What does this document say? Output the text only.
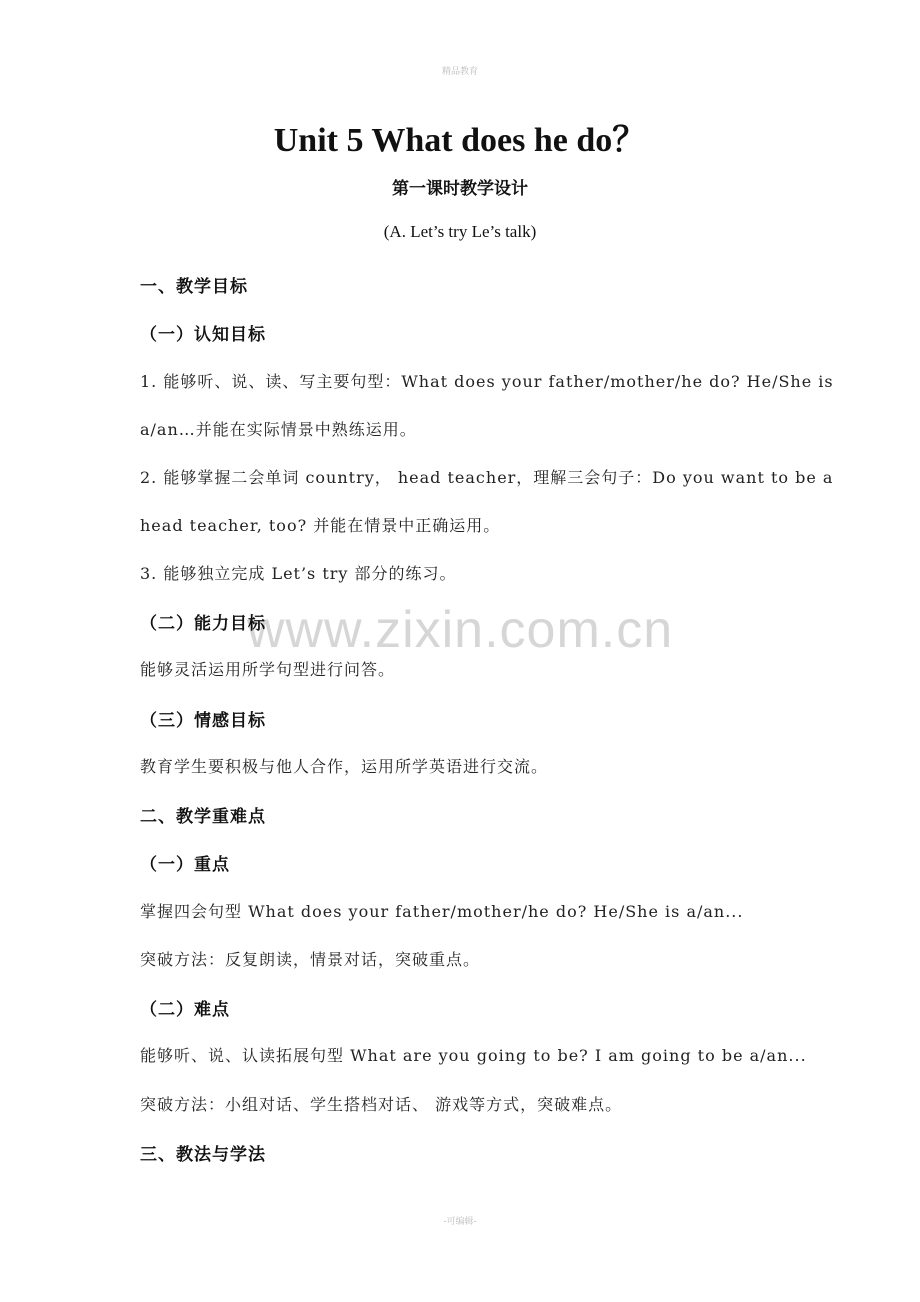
精品教育
www.zixin.com.cn
Unit 5 What does he do？
第一课时教学设计
(A. Let’s try Le’s talk)
一、教学目标
（一）认知目标
1. 能够听、说、读、写主要句型：What does your father/mother/he do? He/She is
a/an…并能在实际情景中熟练运用。
2. 能够掌握二会单词 country， head teacher，理解三会句子：Do you want to be a
head teacher, too? 并能在情景中正确运用。
3. 能够独立完成 Let’s try 部分的练习。
（二）能力目标
能够灵活运用所学句型进行问答。
（三）情感目标
教育学生要积极与他人合作，运用所学英语进行交流。
二、教学重难点
（一）重点
掌握四会句型 What does your father/mother/he do? He/She is a/an...
突破方法：反复朗读，情景对话，突破重点。
（二）难点
能够听、说、认读拓展句型 What are you going to be? I am going to be a/an...
突破方法：小组对话、学生搭档对话、 游戏等方式，突破难点。
三、教法与学法
-可编辑-
